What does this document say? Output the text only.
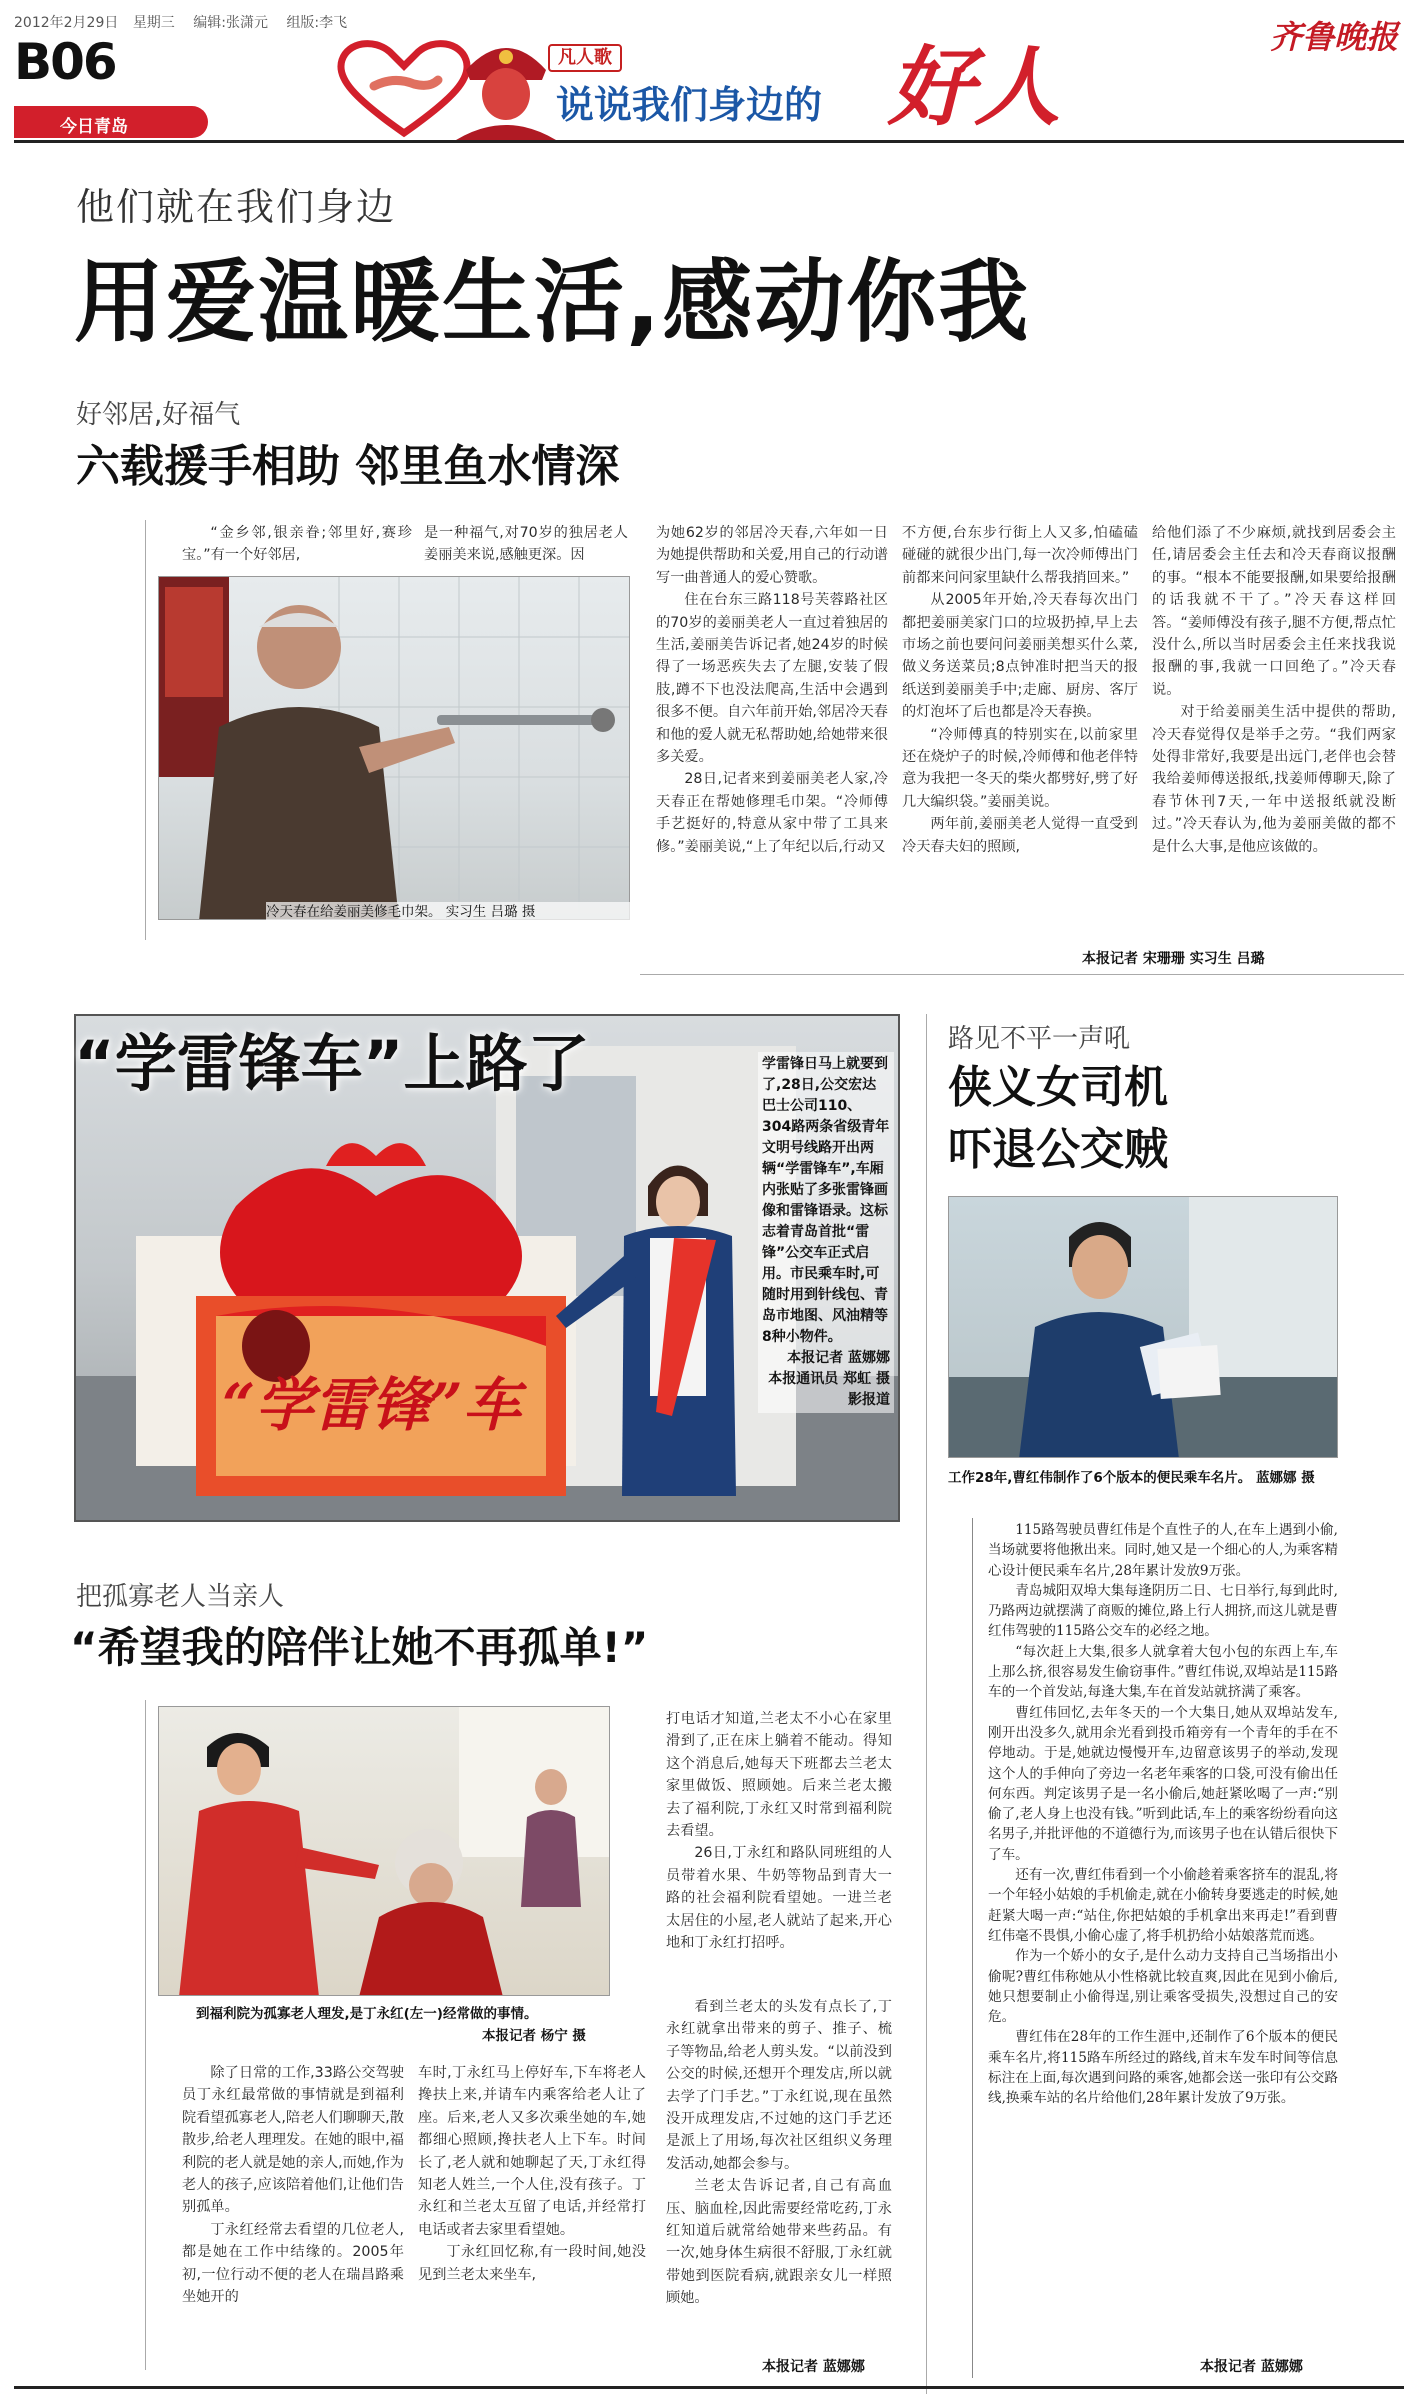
2012年2月29日 星期三 编辑:张潇元 组版:李飞
B06
今日青岛
凡人歌
说说我们身边的 好人	齐鲁晚报
他们就在我们身边
用爱温暖生活,感动你我
好邻居,好福气
六载援手相助 邻里鱼水情深

“金乡邻,银亲眷;邻里好,赛珍宝。”有一个好邻居,

是一种福气,对70岁的独居老人姜丽美来说,感触更深。因

冷天春在给姜丽美修毛巾架。 实习生 吕璐 摄

为她62岁的邻居冷天春,六年如一日为她提供帮助和关爱,用自己的行动谱写一曲普通人的爱心赞歌。

住在台东三路118号芙蓉路社区的70岁的姜丽美老人一直过着独居的生活,姜丽美告诉记者,她24岁的时候得了一场恶疾失去了左腿,安装了假肢,蹲不下也没法爬高,生活中会遇到很多不便。自六年前开始,邻居冷天春和他的爱人就无私帮助她,给她带来很多关爱。

28日,记者来到姜丽美老人家,冷天春正在帮她修理毛巾架。“冷师傅手艺挺好的,特意从家中带了工具来修。”姜丽美说,“上了年纪以后,行动又

不方便,台东步行街上人又多,怕磕磕碰碰的就很少出门,每一次冷师傅出门前都来问问家里缺什么帮我捎回来。”

从2005年开始,冷天春每次出门都把姜丽美家门口的垃圾扔掉,早上去市场之前也要问问姜丽美想买什么菜,做义务送菜员;8点钟准时把当天的报纸送到姜丽美手中;走廊、厨房、客厅的灯泡坏了后也都是冷天春换。

“冷师傅真的特别实在,以前家里还在烧炉子的时候,冷师傅和他老伴特意为我把一冬天的柴火都劈好,劈了好几大编织袋。”姜丽美说。

两年前,姜丽美老人觉得一直受到冷天春夫妇的照顾,

给他们添了不少麻烦,就找到居委会主任,请居委会主任去和冷天春商议报酬的事。“根本不能要报酬,如果要给报酬的话我就不干了。”冷天春这样回答。“姜师傅没有孩子,腿不方便,帮点忙没什么,所以当时居委会主任来找我说报酬的事,我就一口回绝了。”冷天春说。

对于给姜丽美生活中提供的帮助,冷天春觉得仅是举手之劳。“我们两家处得非常好,我要是出远门,老伴也会替我给姜师傅送报纸,找姜师傅聊天,除了春节休刊7天,一年中送报纸就没断过。”冷天春认为,他为姜丽美做的都不是什么大事,是他应该做的。

本报记者 宋珊珊 实习生 吕璐
“学雷锋车”上路了
“学雷锋”车
学雷锋日马上就要到了,28日,公交宏达巴士公司110、304路两条省级青年文明号线路开出两辆“学雷锋车”,车厢内张贴了多张雷锋画像和雷锋语录。这标志着青岛首批“雷锋”公交车正式启用。市民乘车时,可随时用到针线包、青岛市地图、风油精等8种小物件。
本报记者 蓝娜娜
本报通讯员 郑虹 摄影报道
路见不平一声吼
侠义女司机
吓退公交贼
工作28年,曹红伟制作了6个版本的便民乘车名片。 蓝娜娜 摄

115路驾驶员曹红伟是个直性子的人,在车上遇到小偷,当场就要将他揪出来。同时,她又是一个细心的人,为乘客精心设计便民乘车名片,28年累计发放9万张。

青岛城阳双埠大集每逢阴历二日、七日举行,每到此时,乃路两边就摆满了商贩的摊位,路上行人拥挤,而这儿就是曹红伟驾驶的115路公交车的必经之地。

“每次赶上大集,很多人就拿着大包小包的东西上车,车上那么挤,很容易发生偷窃事件。”曹红伟说,双埠站是115路车的一个首发站,每逢大集,车在首发站就挤满了乘客。

曹红伟回忆,去年冬天的一个大集日,她从双埠站发车,刚开出没多久,就用余光看到投币箱旁有一个青年的手在不停地动。于是,她就边慢慢开车,边留意该男子的举动,发现这个人的手伸向了旁边一名老年乘客的口袋,可没有偷出任何东西。判定该男子是一名小偷后,她赶紧吆喝了一声:“别偷了,老人身上也没有钱。”听到此话,车上的乘客纷纷看向这名男子,并批评他的不道德行为,而该男子也在认错后很快下了车。

还有一次,曹红伟看到一个小偷趁着乘客挤车的混乱,将一个年轻小姑娘的手机偷走,就在小偷转身要逃走的时候,她赶紧大喝一声:“站住,你把姑娘的手机拿出来再走!”看到曹红伟毫不畏惧,小偷心虚了,将手机扔给小姑娘落荒而逃。

作为一个娇小的女子,是什么动力支持自己当场指出小偷呢?曹红伟称她从小性格就比较直爽,因此在见到小偷后,她只想要制止小偷得逞,别让乘客受损失,没想过自己的安危。

曹红伟在28年的工作生涯中,还制作了6个版本的便民乘车名片,将115路车所经过的路线,首末车发车时间等信息标注在上面,每次遇到问路的乘客,她都会送一张印有公交路线,换乘车站的名片给他们,28年累计发放了9万张。

本报记者 蓝娜娜
把孤寡老人当亲人
“希望我的陪伴让她不再孤单!”
到福利院为孤寡老人理发,是丁永红(左一)经常做的事情。
本报记者 杨宁 摄

除了日常的工作,33路公交驾驶员丁永红最常做的事情就是到福利院看望孤寡老人,陪老人们聊聊天,散散步,给老人理理发。在她的眼中,福利院的老人就是她的亲人,而她,作为老人的孩子,应该陪着他们,让他们告别孤单。

丁永红经常去看望的几位老人,都是她在工作中结缘的。2005年初,一位行动不便的老人在瑞昌路乘坐她开的

车时,丁永红马上停好车,下车将老人搀扶上来,并请车内乘客给老人让了座。后来,老人又多次乘坐她的车,她都细心照顾,搀扶老人上下车。时间长了,老人就和她聊起了天,丁永红得知老人姓兰,一个人住,没有孩子。丁永红和兰老太互留了电话,并经常打电话或者去家里看望她。

丁永红回忆称,有一段时间,她没见到兰老太来坐车,

打电话才知道,兰老太不小心在家里滑到了,正在床上躺着不能动。得知这个消息后,她每天下班都去兰老太家里做饭、照顾她。后来兰老太搬去了福利院,丁永红又时常到福利院去看望。

26日,丁永红和路队同班组的人员带着水果、牛奶等物品到青大一路的社会福利院看望她。一进兰老太居住的小屋,老人就站了起来,开心地和丁永红打招呼。

看到兰老太的头发有点长了,丁永红就拿出带来的剪子、推子、梳子等物品,给老人剪头发。“以前没到公交的时候,还想开个理发店,所以就去学了门手艺。”丁永红说,现在虽然没开成理发店,不过她的这门手艺还是派上了用场,每次社区组织义务理发活动,她都会参与。

兰老太告诉记者,自己有高血压、脑血栓,因此需要经常吃药,丁永红知道后就常给她带来些药品。有一次,她身体生病很不舒服,丁永红就带她到医院看病,就跟亲女儿一样照顾她。

本报记者 蓝娜娜
